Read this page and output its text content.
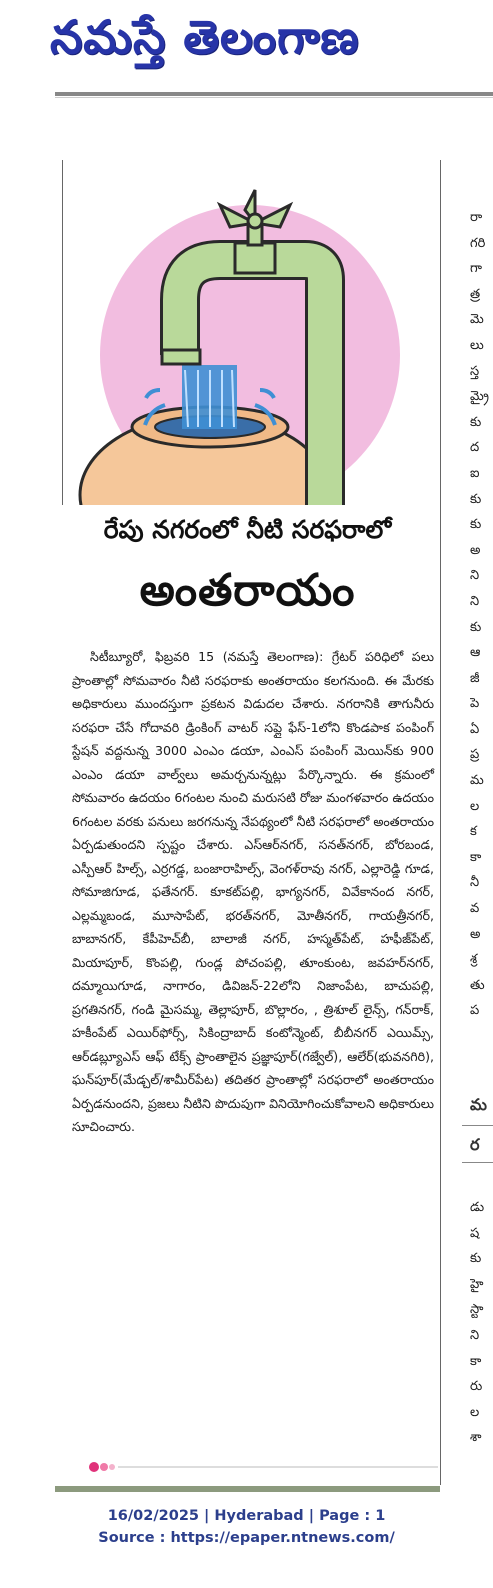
నమస్తే తెలంగాణ
రేపు నగరంలో నీటి సరఫరాలో
అంతరాయం

సిటీబ్యూరో, ఫిబ్రవరి 15 (నమస్తే తెలంగాణ): గ్రేటర్ పరిధిలో పలు ప్రాంతాల్లో సోమవారం నీటి సరఫరాకు అంతరాయం కలగనుంది. ఈ మేరకు అధికారులు ముందస్తుగా ప్రకటన విడుదల చేశారు. నగరానికి తాగునీరు సరఫరా చేసే గోదావరి డ్రింకింగ్ వాటర్ సప్లై ఫేస్-1లోని కొండపాక పంపింగ్ స్టేషన్ వద్దనున్న 3000 ఎంఎం డయా, ఎంఎస్ పంపింగ్ మెయిన్‌కు 900 ఎంఎం డయా వాల్వ్‌లు అమర్చనున్నట్లు పేర్కొన్నారు. ఈ క్రమంలో సోమవారం ఉదయం 6గంటల నుంచి మరుసటి రోజు మంగళవారం ఉదయం 6గంటల వరకు పనులు జరగనున్న నేపథ్యంలో నీటి సరఫరాలో అంతరాయం ఏర్పడుతుందని స్పష్టం చేశారు. ఎస్ఆర్‌నగర్, సనత్‌నగర్, బోరబండ, ఎస్పీఆర్ హిల్స్, ఎర్రగడ్డ, బంజారాహిల్స్, వెంగళ్‌రావు నగర్, ఎల్లారెడ్డి గూడ, సోమాజిగూడ, ఫతేనగర్. కూకట్‌పల్లి, భాగ్యనగర్, వివేకానంద నగర్, ఎల్లమ్మబండ, మూసాపేట్, భరత్‌నగర్, మోతీనగర్, గాయత్రీనగర్, బాబానగర్, కేపీహెచ్‌బీ, బాలాజీ నగర్, హస్మత్‌పేట్, హఫీజ్‌పేట్, మియాపూర్, కొంపల్లి, గుండ్ల పోచంపల్లి, తూంకుంట, జవహర్‌నగర్, దమ్మాయిగూడ, నాగారం, డివిజన్-22లోని నిజాంపేట, బాచుపల్లి, ప్రగతినగర్, గండి మైసమ్మ, తెల్లాపూర్, బొల్లారం, , త్రిశూల్ లైన్స్, గన్‌రాక్, హకీంపేట్ ఎయిర్‌ఫోర్స్, సికింద్రాబాద్ కంటోన్మెంట్, బీబీనగర్ ఎయిమ్స్, ఆర్‌డబ్ల్యూఎస్ ఆఫ్ టేక్స్ ప్రాంతాలైన ప్రజ్ఞాపూర్(గజ్వేల్), ఆలేర్(భువనగిరి), ఘన్‌పూర్(మేడ్చల్/శామీర్‌పేట) తదితర ప్రాంతాల్లో సరఫరాలో అంతరాయం ఏర్పడనుందని, ప్రజలు నీటిని పొదుపుగా వినియోగించుకోవాలని అధికారులు సూచించారు.

రా
గరి
గా
త్ర
మె
లు
స్త
మ్రై
కు
ద
ఐ
కు
కు
అ
ని
ని
కు
ఆ
జీ
పె
ఏ
ప్ర
మ
ల
క
కా
నీ
వ
అ
శ్ర
తు
ప
మ
ర
డు
ష
కు
హై
స్టా
ని
కా
రు
ల
శా
16/02/2025 | Hyderabad | Page : 1
Source : https://epaper.ntnews.com/
